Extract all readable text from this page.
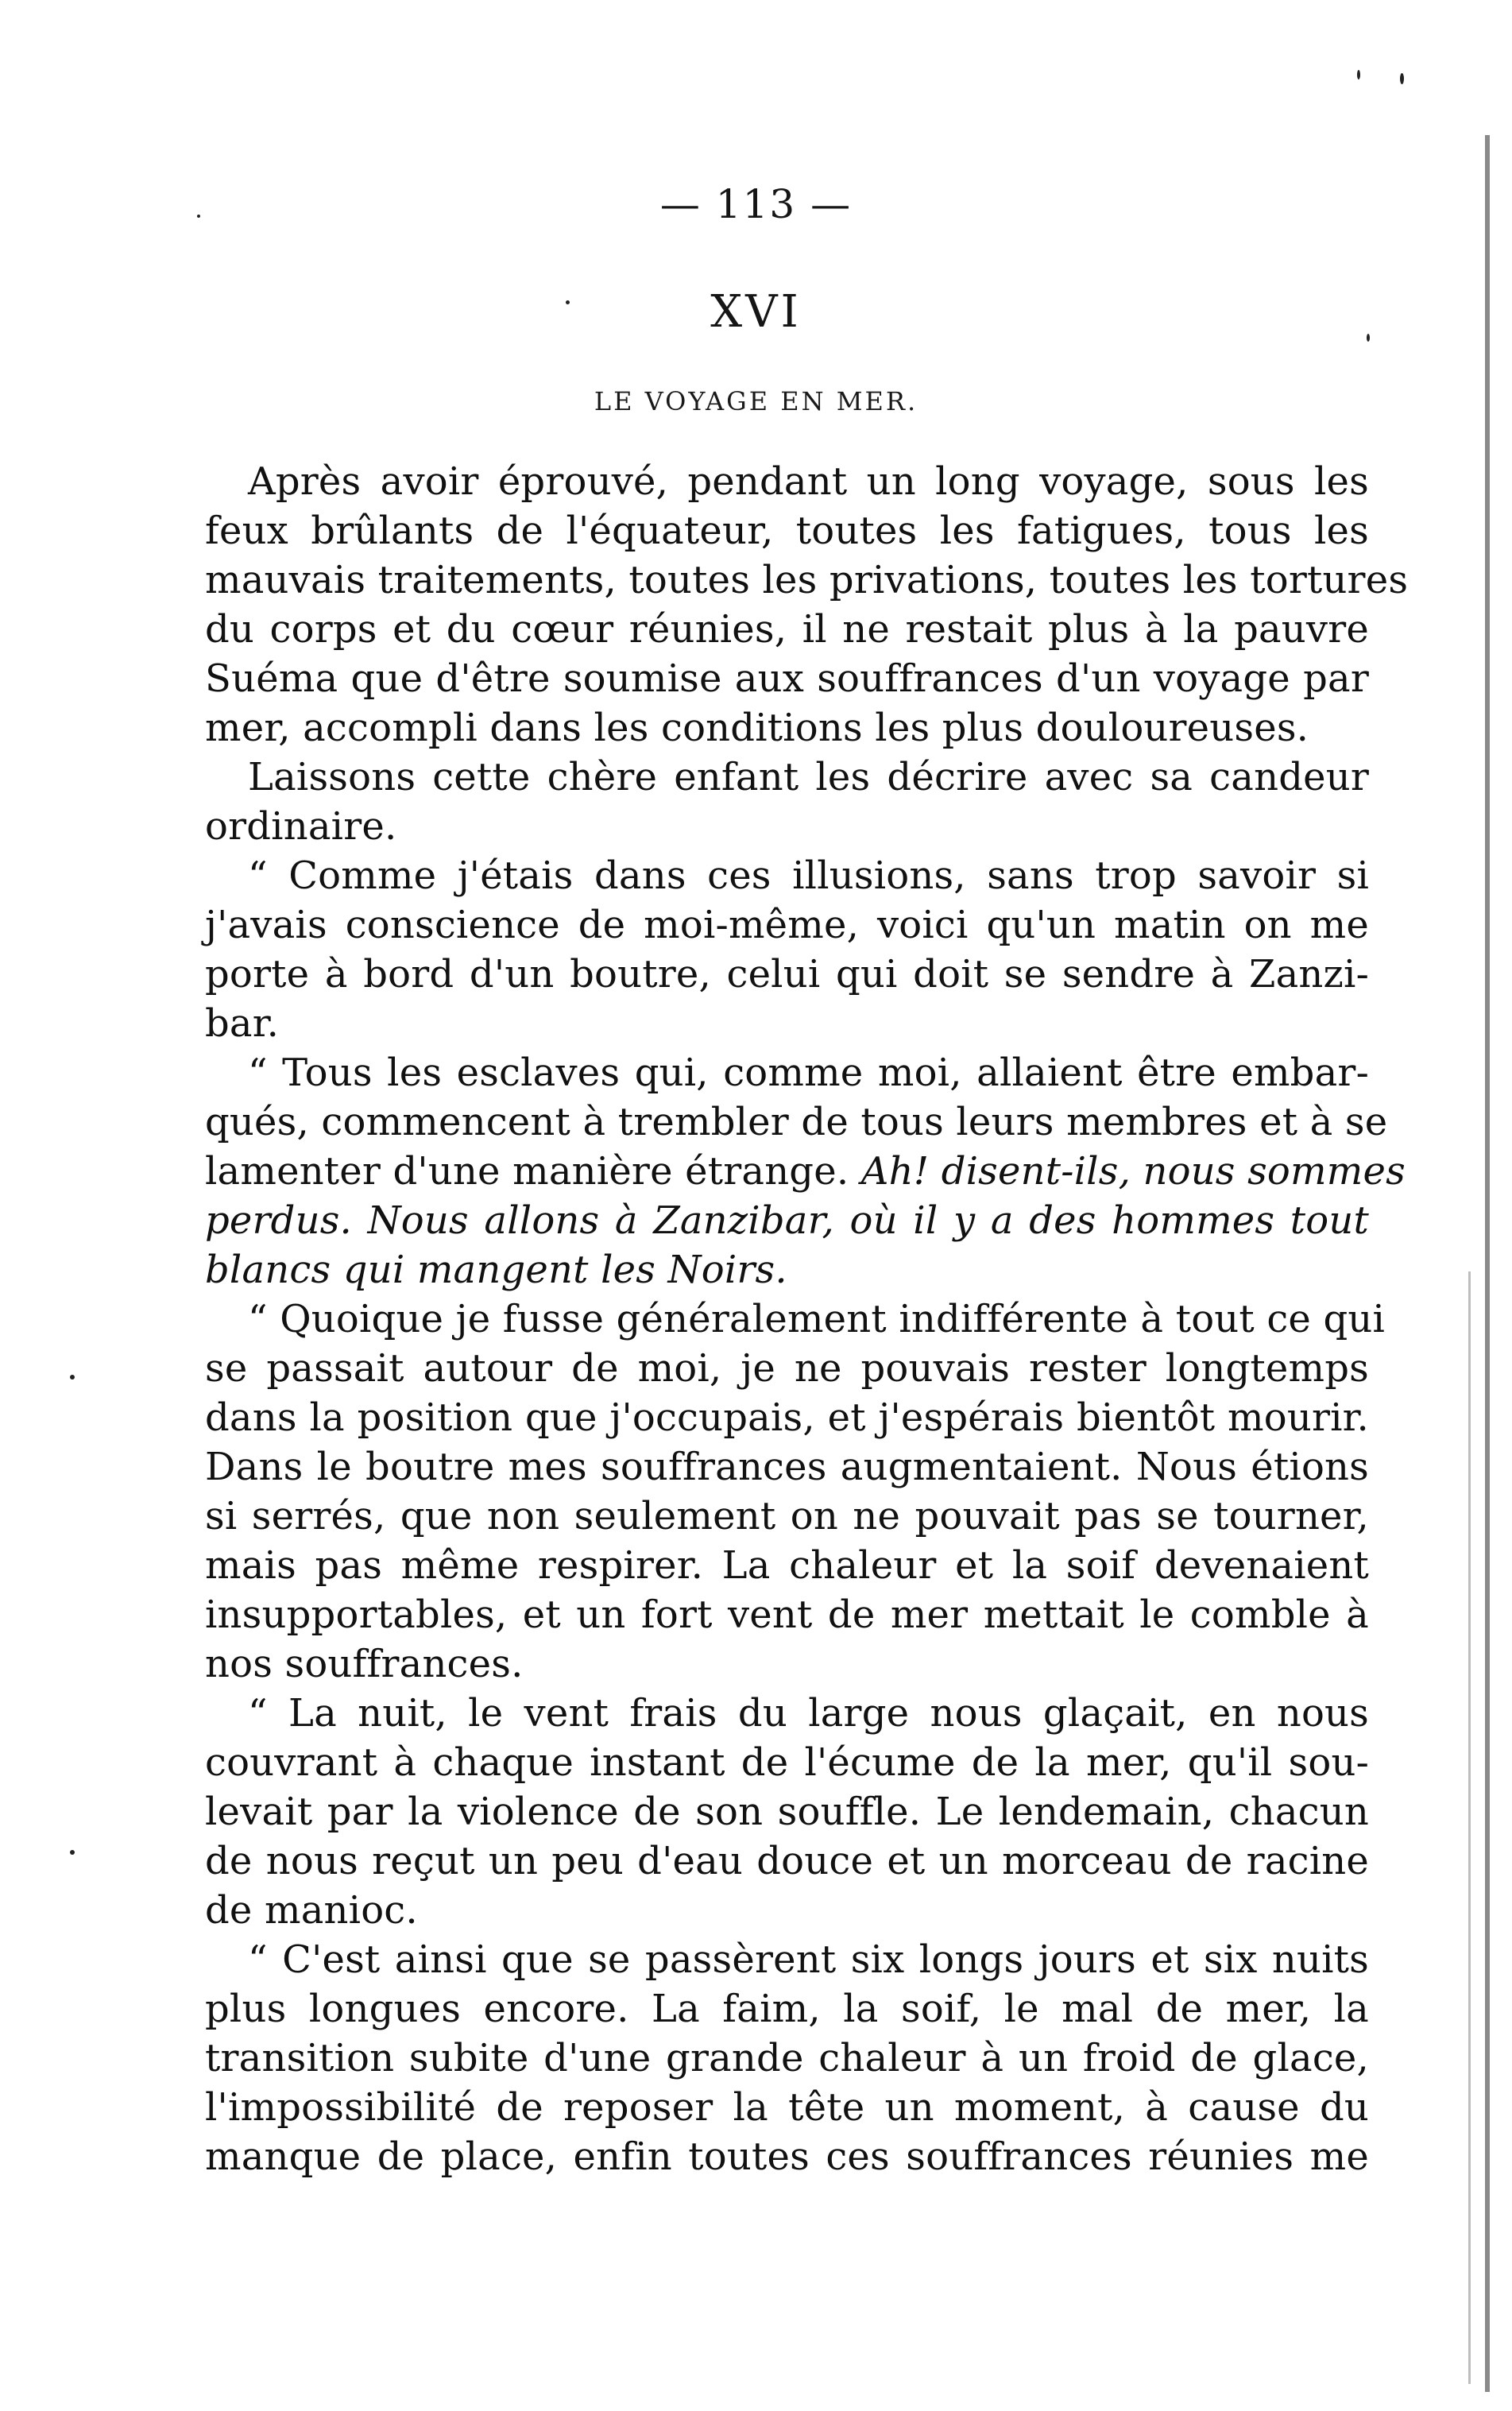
— 113 —
XVI
LE VOYAGE EN MER.
Après avoir éprouvé, pendant un long voyage, sous les
feux brûlants de l'équateur, toutes les fatigues, tous les
mauvais traitements, toutes les privations, toutes les tortures
du corps et du cœur réunies, il ne restait plus à la pauvre
Suéma que d'être soumise aux souffrances d'un voyage par
mer, accompli dans les conditions les plus douloureuses.
Laissons cette chère enfant les décrire avec sa candeur
ordinaire.
“ Comme j'étais dans ces illusions, sans trop savoir si
j'avais conscience de moi-même, voici qu'un matin on me
porte à bord d'un boutre, celui qui doit se sendre à Zanzi-
bar.
“ Tous les esclaves qui, comme moi, allaient être embar-
qués, commencent à trembler de tous leurs membres et à se
lamenter d'une manière étrange. Ah! disent-ils, nous sommes
perdus. Nous allons à Zanzibar, où il y a des hommes tout
blancs qui mangent les Noirs.
“ Quoique je fusse généralement indifférente à tout ce qui
se passait autour de moi, je ne pouvais rester longtemps
dans la position que j'occupais, et j'espérais bientôt mourir.
Dans le boutre mes souffrances augmentaient. Nous étions
si serrés, que non seulement on ne pouvait pas se tourner,
mais pas même respirer. La chaleur et la soif devenaient
insupportables, et un fort vent de mer mettait le comble à
nos souffrances.
“ La nuit, le vent frais du large nous glaçait, en nous
couvrant à chaque instant de l'écume de la mer, qu'il sou-
levait par la violence de son souffle. Le lendemain, chacun
de nous reçut un peu d'eau douce et un morceau de racine
de manioc.
“ C'est ainsi que se passèrent six longs jours et six nuits
plus longues encore. La faim, la soif, le mal de mer, la
transition subite d'une grande chaleur à un froid de glace,
l'impossibilité de reposer la tête un moment, à cause du
manque de place, enfin toutes ces souffrances réunies me
